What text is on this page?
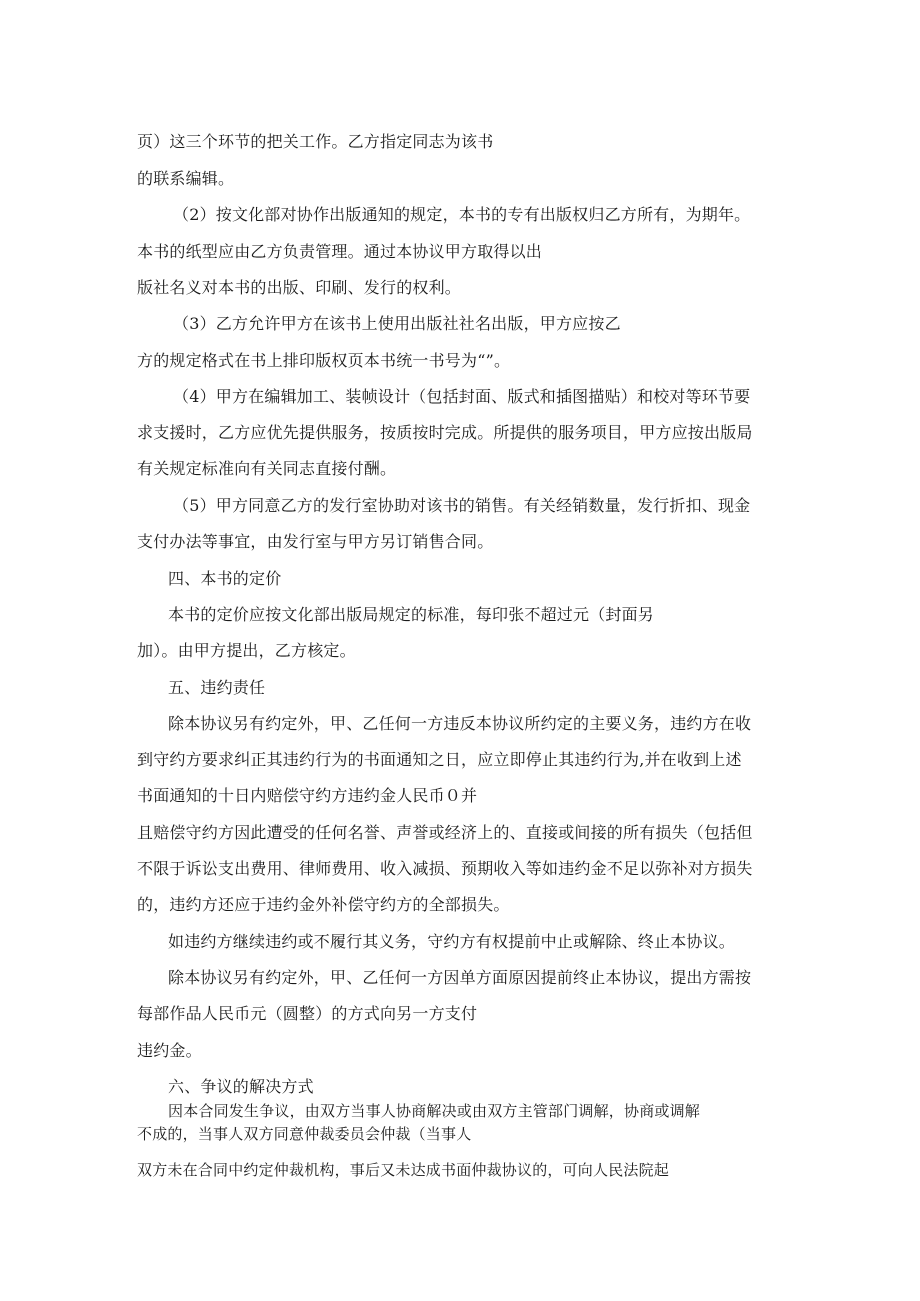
页）这三个环节的把关工作。乙方指定同志为该书

的联系编辑。

（2）按文化部对协作出版通知的规定，本书的专有出版权归乙方所有，为期年。

本书的纸型应由乙方负责管理。通过本协议甲方取得以出

版社名义对本书的出版、印刷、发行的权利。

（3）乙方允许甲方在该书上使用出版社社名出版，甲方应按乙

方的规定格式在书上排印版权页本书统一书号为“”。

（4）甲方在编辑加工、装帧设计（包括封面、版式和插图描贴）和校对等环节要

求支援时，乙方应优先提供服务，按质按时完成。所提供的服务项目，甲方应按出版局

有关规定标准向有关同志直接付酬。

（5）甲方同意乙方的发行室协助对该书的销售。有关经销数量，发行折扣、现金

支付办法等事宜，由发行室与甲方另订销售合同。

四、本书的定价

本书的定价应按文化部出版局规定的标准，每印张不超过元（封面另

加）。由甲方提出，乙方核定。

五、违约责任

除本协议另有约定外，甲、乙任何一方违反本协议所约定的主要义务，违约方在收

到守约方要求纠正其违约行为的书面通知之日，应立即停止其违约行为,并在收到上述

书面通知的十日内赔偿守约方违约金人民币０并

且赔偿守约方因此遭受的任何名誉、声誉或经济上的、直接或间接的所有损失（包括但

不限于诉讼支出费用、律师费用、收入减损、预期收入等如违约金不足以弥补对方损失

的，违约方还应于违约金外补偿守约方的全部损失。

如违约方继续违约或不履行其义务，守约方有权提前中止或解除、终止本协议。

除本协议另有约定外，甲、乙任何一方因单方面原因提前终止本协议，提出方需按

每部作品人民币元（圆整）的方式向另一方支付

违约金。

六、争议的解决方式

因本合同发生争议，由双方当事人协商解决或由双方主管部门调解，协商或调解

不成的，当事人双方同意仲裁委员会仲裁（当事人

双方未在合同中约定仲裁机构，事后又未达成书面仲裁协议的，可向人民法院起
